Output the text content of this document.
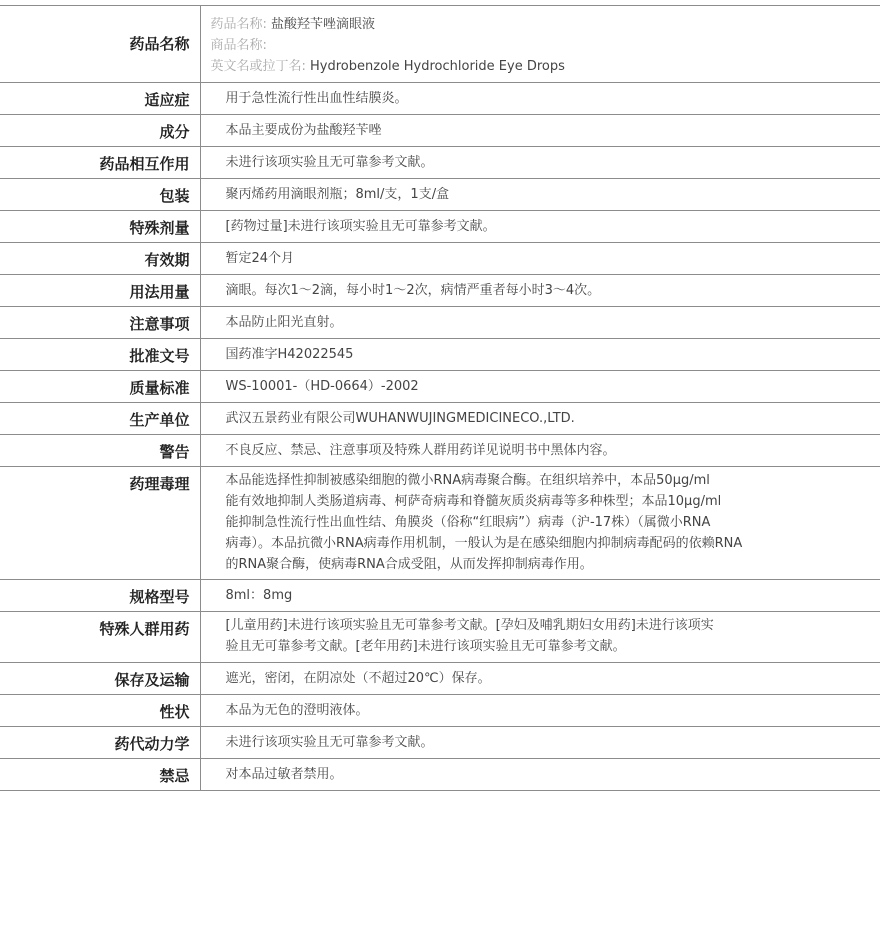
药品名称	药品名称: 盐酸羟苄唑滴眼液
商品名称:
英文名或拉丁名: Hydrobenzole Hydrochloride Eye Drops

适应症	用于急性流行性出血性结膜炎。
成分	本品主要成份为盐酸羟苄唑
药品相互作用	未进行该项实验且无可靠参考文献。
包装	聚丙烯药用滴眼剂瓶；8ml/支，1支/盒
特殊剂量	[药物过量]未进行该项实验且无可靠参考文献。
有效期	暂定24个月
用法用量	滴眼。每次1～2滴，每小时1～2次，病情严重者每小时3～4次。
注意事项	本品防止阳光直射。
批准文号	国药准字H42022545
质量标准	WS-10001-（HD-0664）-2002
生产单位	武汉五景药业有限公司WUHANWUJINGMEDICINECO.,LTD.
警告	不良反应、禁忌、注意事项及特殊人群用药详见说明书中黑体内容。
药理毒理	本品能选择性抑制被感染细胞的微小RNA病毒聚合酶。在组织培养中，本品50μg/ml
能有效地抑制人类肠道病毒、柯萨奇病毒和脊髓灰质炎病毒等多种株型；本品10μg/ml
能抑制急性流行性出血性结、角膜炎（俗称“红眼病”）病毒（沪-17株）（属微小RNA
病毒）。本品抗微小RNA病毒作用机制，一般认为是在感染细胞内抑制病毒配码的依赖RNA
的RNA聚合酶，使病毒RNA合成受阻，从而发挥抑制病毒作用。
规格型号	8ml：8mg
特殊人群用药	[儿童用药]未进行该项实验且无可靠参考文献。[孕妇及哺乳期妇女用药]未进行该项实
验且无可靠参考文献。[老年用药]未进行该项实验且无可靠参考文献。
保存及运输	遮光，密闭，在阴凉处（不超过20℃）保存。
性状	本品为无色的澄明液体。
药代动力学	未进行该项实验且无可靠参考文献。
禁忌	对本品过敏者禁用。
